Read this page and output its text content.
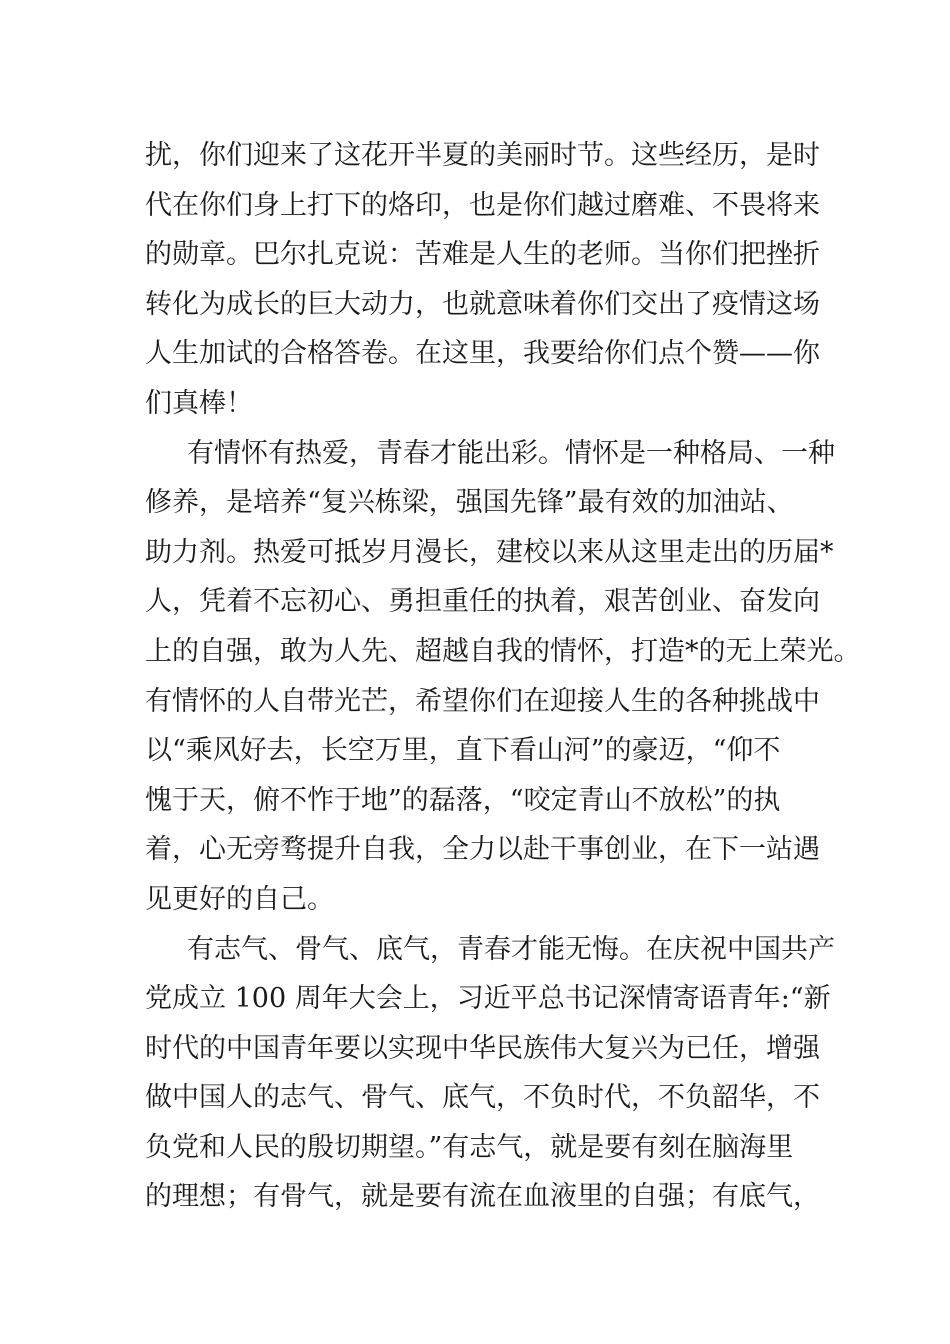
扰，你们迎来了这花开半夏的美丽时节。这些经历，是时
代在你们身上打下的烙印，也是你们越过磨难、不畏将来
的勋章。巴尔扎克说：苦难是人生的老师。当你们把挫折
转化为成长的巨大动力，也就意味着你们交出了疫情这场
人生加试的合格答卷。在这里，我要给你们点个赞——你
们真棒！
有情怀有热爱，青春才能出彩。情怀是一种格局、一种
修养，是培养“复兴栋梁，强国先锋”最有效的加油站、
助力剂。热爱可抵岁月漫长，建校以来从这里走出的历届*
人，凭着不忘初心、勇担重任的执着，艰苦创业、奋发向
上的自强，敢为人先、超越自我的情怀，打造*的无上荣光。
有情怀的人自带光芒，希望你们在迎接人生的各种挑战中
以“乘风好去，长空万里，直下看山河”的豪迈，“仰不
愧于天，俯不怍于地”的磊落，“咬定青山不放松”的执
着，心无旁骛提升自我，全力以赴干事创业，在下一站遇
见更好的自己。
有志气、骨气、底气，青春才能无悔。在庆祝中国共产
党成立 100 周年大会上，习近平总书记深情寄语青年:“新
时代的中国青年要以实现中华民族伟大复兴为已任，增强
做中国人的志气、骨气、底气，不负时代，不负韶华，不
负党和人民的殷切期望。”有志气，就是要有刻在脑海里
的理想；有骨气，就是要有流在血液里的自强；有底气，
